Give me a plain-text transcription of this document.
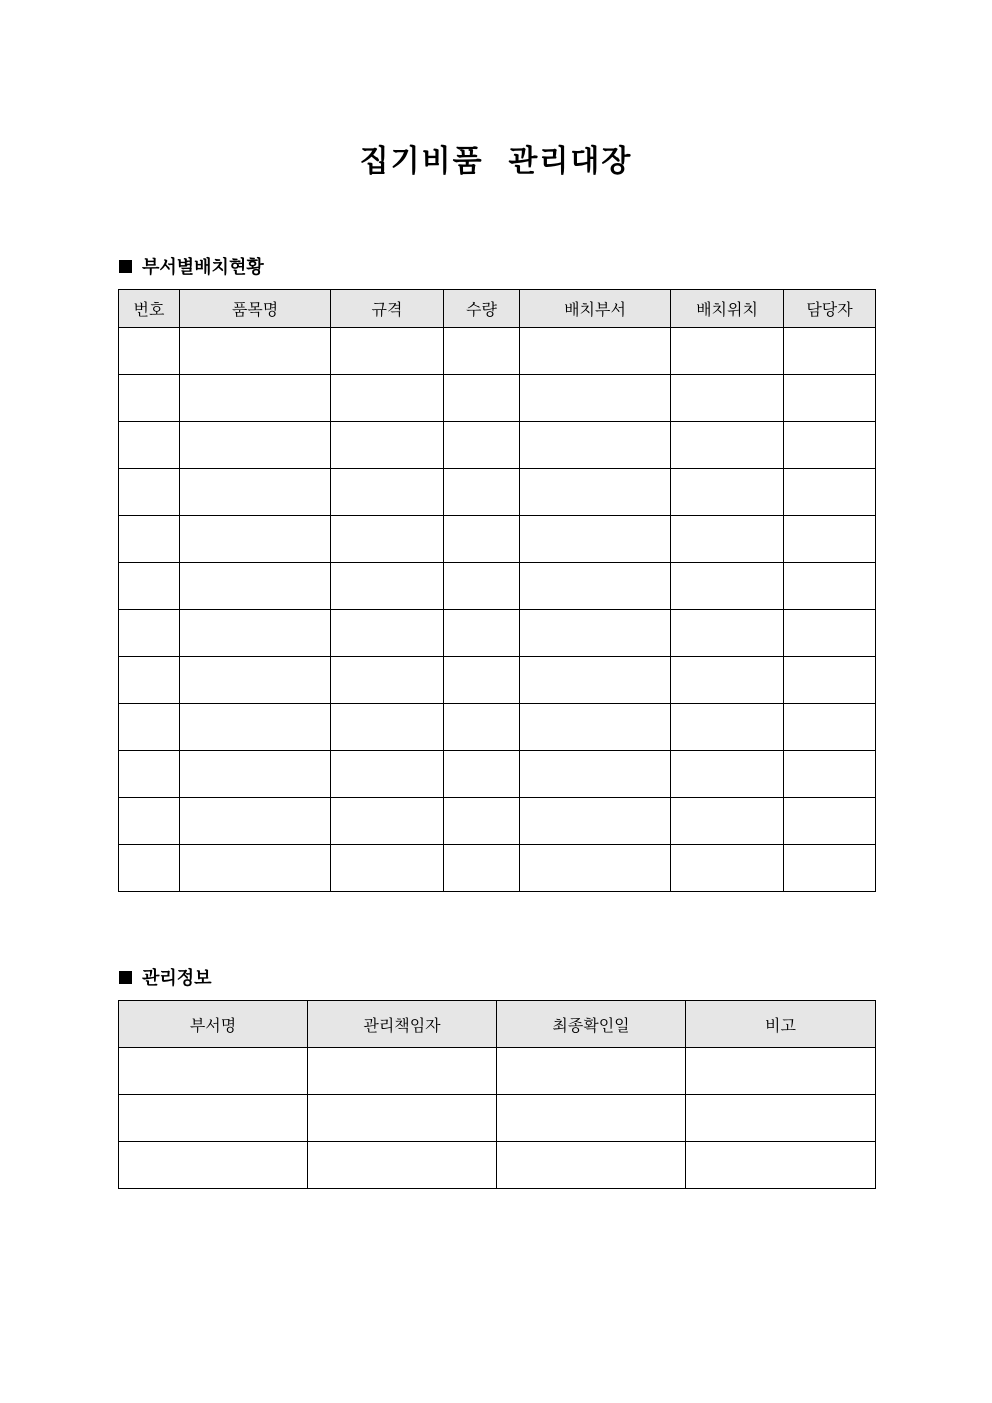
집기비품  관리대장
부서별배치현황
번호	품목명	규격	수량	배치부서	배치위치	담당자

관리정보
부서명	관리책임자	최종확인일	비고
